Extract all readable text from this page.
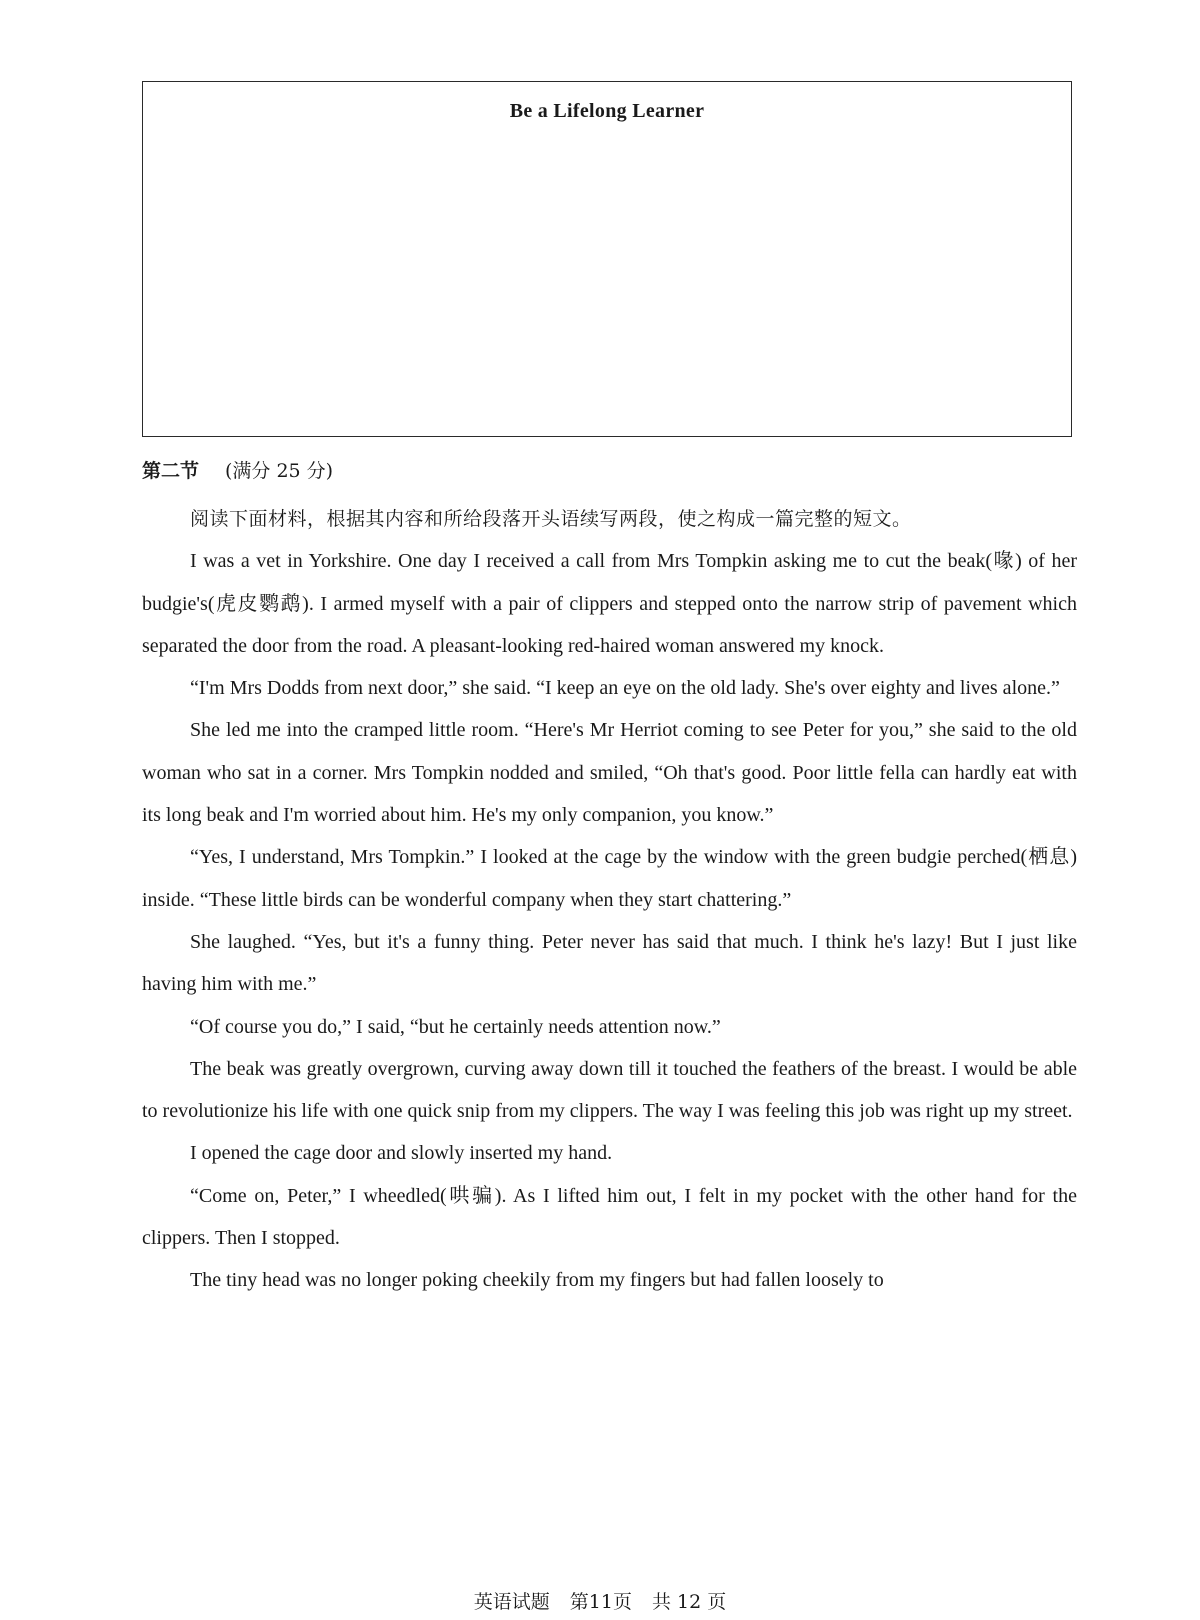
Be a Lifelong Learner
第二节 (满分 25 分)

阅读下面材料，根据其内容和所给段落开头语续写两段，使之构成一篇完整的短文。

I was a vet in Yorkshire. One day I received a call from Mrs Tompkin asking me to cut the beak(喙) of her budgie's(虎皮鹦鹉). I armed myself with a pair of clippers and stepped onto the narrow strip of pavement which separated the door from the road. A pleasant-looking red-haired woman answered my knock.

“I'm Mrs Dodds from next door,” she said. “I keep an eye on the old lady. She's over eighty and lives alone.”

She led me into the cramped little room. “Here's Mr Herriot coming to see Peter for you,” she said to the old woman who sat in a corner. Mrs Tompkin nodded and smiled, “Oh that's good. Poor little fella can hardly eat with its long beak and I'm worried about him. He's my only companion, you know.”

“Yes, I understand, Mrs Tompkin.” I looked at the cage by the window with the green budgie perched(栖息) inside. “These little birds can be wonderful company when they start chattering.”

She laughed. “Yes, but it's a funny thing. Peter never has said that much. I think he's lazy! But I just like having him with me.”

“Of course you do,” I said, “but he certainly needs attention now.”

The beak was greatly overgrown, curving away down till it touched the feathers of the breast. I would be able to revolutionize his life with one quick snip from my clippers. The way I was feeling this job was right up my street.

I opened the cage door and slowly inserted my hand.

“Come on, Peter,” I wheedled(哄骗). As I lifted him out, I felt in my pocket with the other hand for the clippers. Then I stopped.

The tiny head was no longer poking cheekily from my fingers but had fallen loosely to

英语试题 第11页 共 12 页
